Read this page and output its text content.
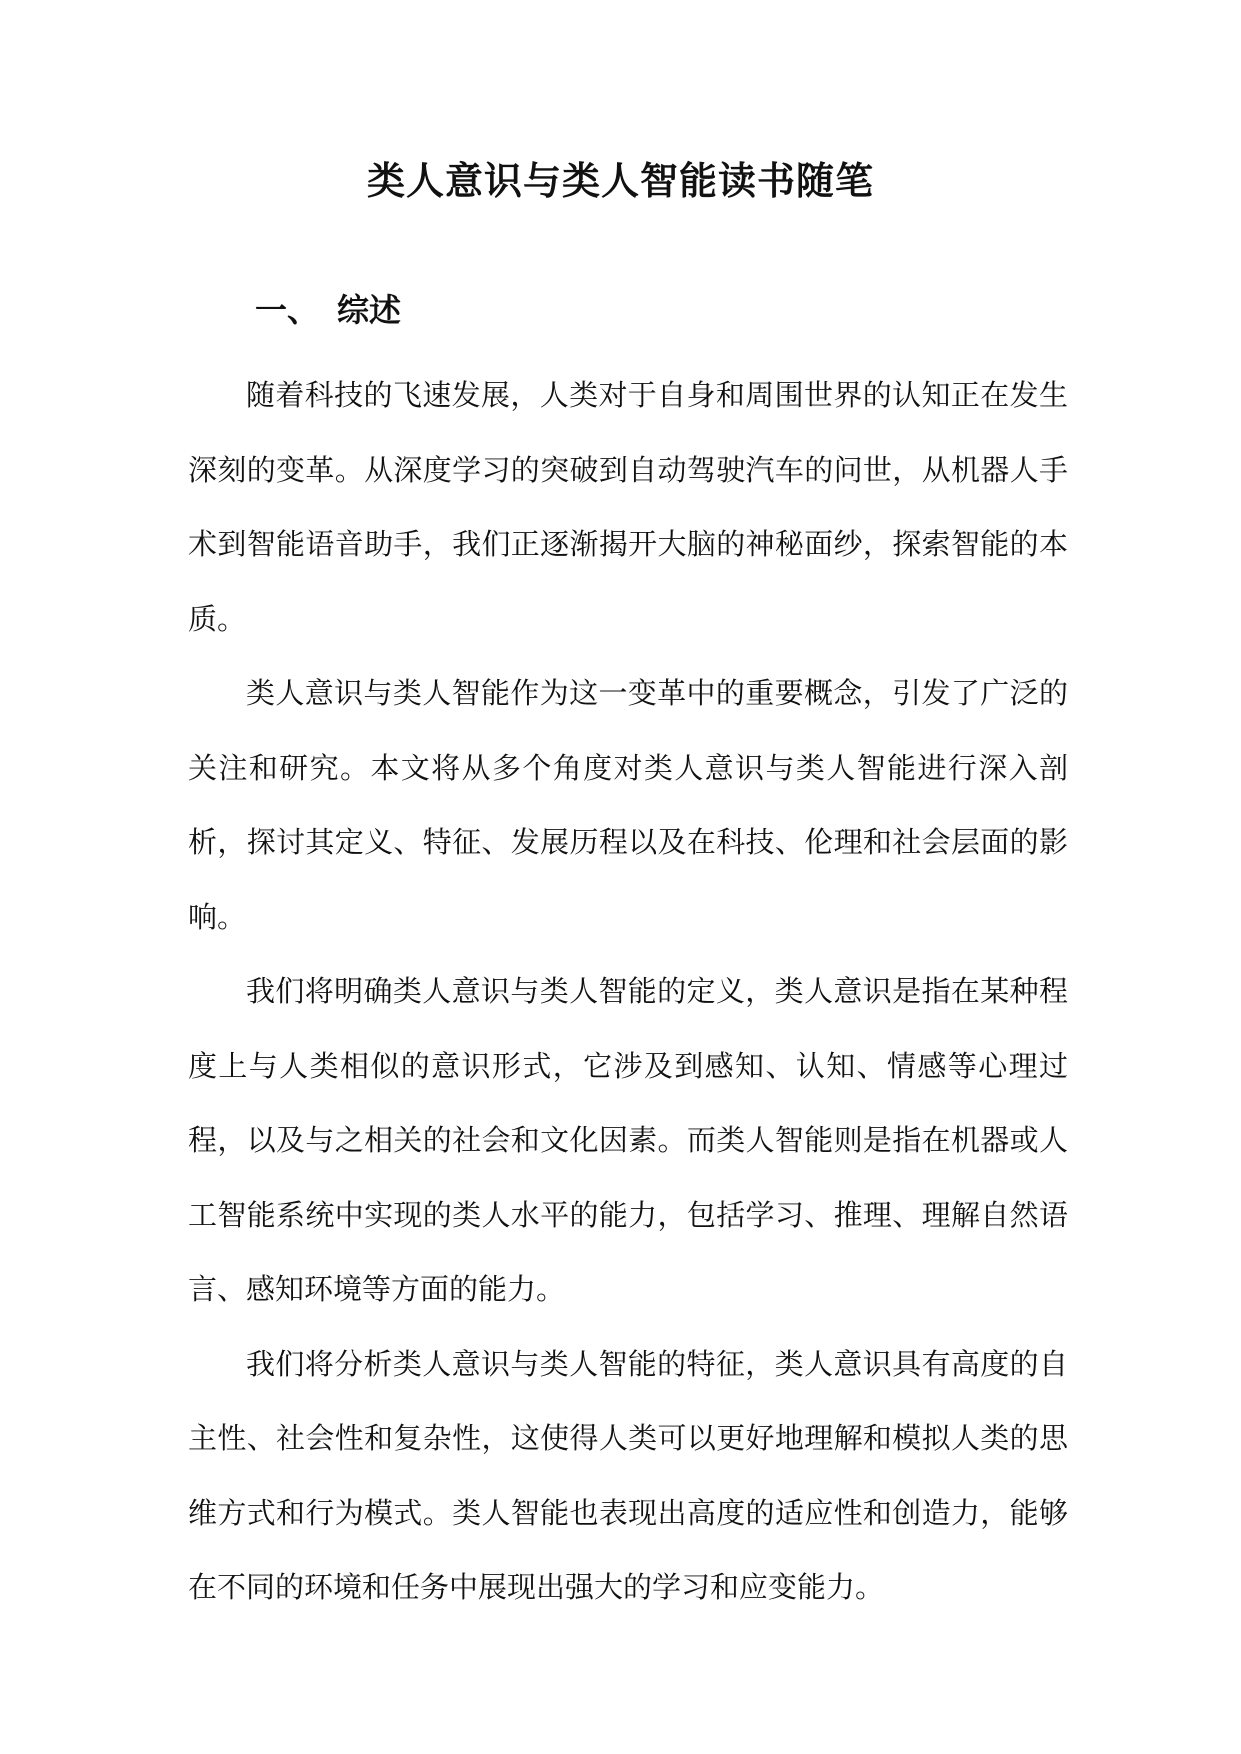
类人意识与类人智能读书随笔
一、 综述

随着科技的飞速发展，人类对于自身和周围世界的认知正在发生深刻的变革。从深度学习的突破到自动驾驶汽车的问世，从机器人手术到智能语音助手，我们正逐渐揭开大脑的神秘面纱，探索智能的本质。

类人意识与类人智能作为这一变革中的重要概念，引发了广泛的关注和研究。本文将从多个角度对类人意识与类人智能进行深入剖析，探讨其定义、特征、发展历程以及在科技、伦理和社会层面的影响。

我们将明确类人意识与类人智能的定义，类人意识是指在某种程度上与人类相似的意识形式，它涉及到感知、认知、情感等心理过程，以及与之相关的社会和文化因素。而类人智能则是指在机器或人工智能系统中实现的类人水平的能力，包括学习、推理、理解自然语言、感知环境等方面的能力。

我们将分析类人意识与类人智能的特征，类人意识具有高度的自主性、社会性和复杂性，这使得人类可以更好地理解和模拟人类的思维方式和行为模式。类人智能也表现出高度的适应性和创造力，能够在不同的环境和任务中展现出强大的学习和应变能力。
